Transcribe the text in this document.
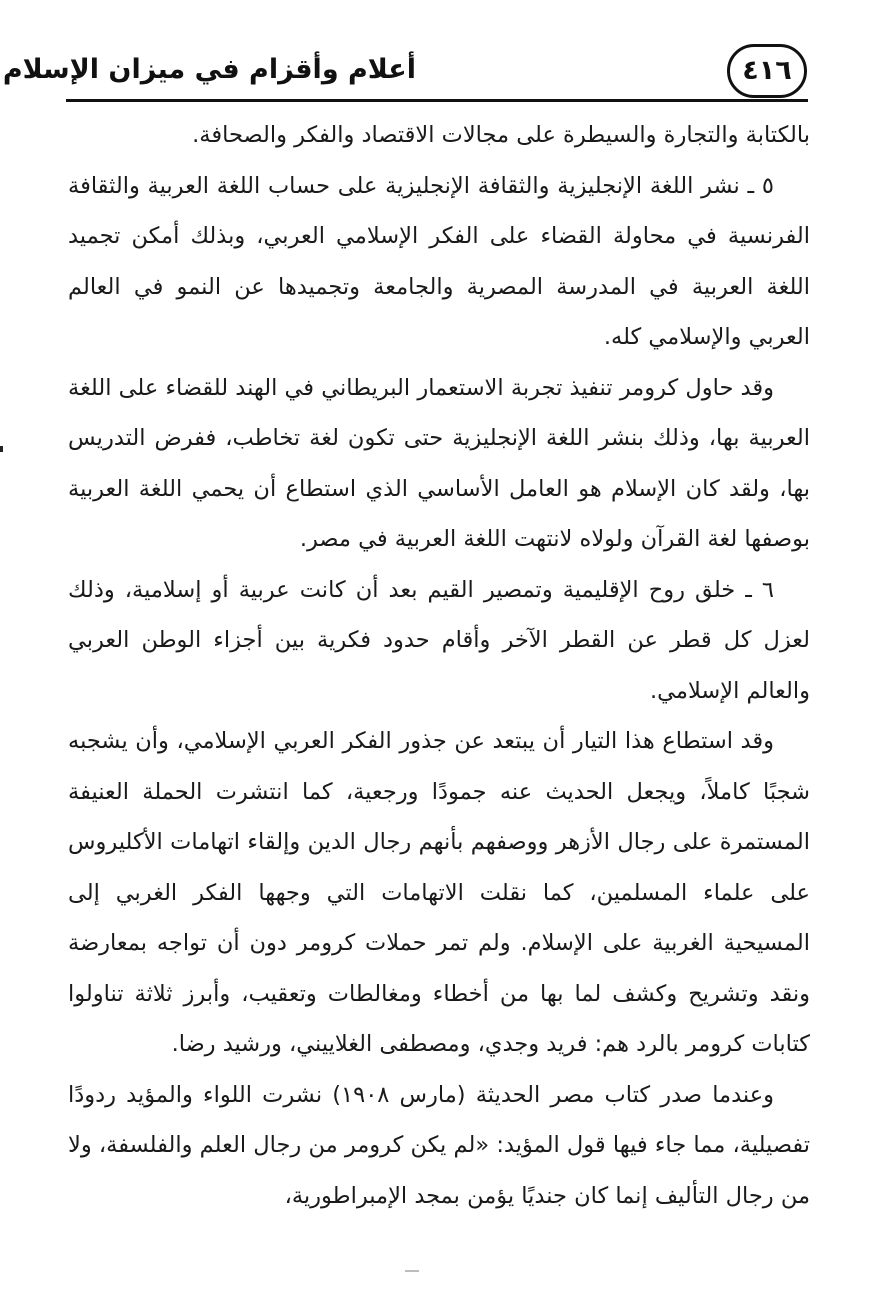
٤١٦
أعلام وأقزام في ميزان الإسلام

بالكتابة والتجارة والسيطرة على مجالات الاقتصاد والفكر والصحافة.

٥ ـ نشر اللغة الإنجليزية والثقافة الإنجليزية على حساب اللغة العربية والثقافة الفرنسية في محاولة القضاء على الفكر الإسلامي العربي، وبذلك أمكن تجميد اللغة العربية في المدرسة المصرية والجامعة وتجميدها عن النمو في العالم العربي والإسلامي كله.

وقد حاول كرومر تنفيذ تجربة الاستعمار البريطاني في الهند للقضاء على اللغة العربية بها، وذلك بنشر اللغة الإنجليزية حتى تكون لغة تخاطب، ففرض التدريس بها، ولقد كان الإسلام هو العامل الأساسي الذي استطاع أن يحمي اللغة العربية بوصفها لغة القرآن ولولاه لانتهت اللغة العربية في مصر.

٦ ـ خلق روح الإقليمية وتمصير القيم بعد أن كانت عربية أو إسلامية، وذلك لعزل كل قطر عن القطر الآخر وأقام حدود فكرية بين أجزاء الوطن العربي والعالم الإسلامي.

وقد استطاع هذا التيار أن يبتعد عن جذور الفكر العربي الإسلامي، وأن يشجبه شجبًا كاملاً، ويجعل الحديث عنه جمودًا ورجعية، كما انتشرت الحملة العنيفة المستمرة على رجال الأزهر ووصفهم بأنهم رجال الدين وإلقاء اتهامات الأكليروس على علماء المسلمين، كما نقلت الاتهامات التي وجهها الفكر الغربي إلى المسيحية الغربية على الإسلام. ولم تمر حملات كرومر دون أن تواجه بمعارضة ونقد وتشريح وكشف لما بها من أخطاء ومغالطات وتعقيب، وأبرز ثلاثة تناولوا كتابات كرومر بالرد هم: فريد وجدي، ومصطفى الغلاييني، ورشيد رضا.

وعندما صدر كتاب مصر الحديثة (مارس ١٩٠٨) نشرت اللواء والمؤيد ردودًا تفصيلية، مما جاء فيها قول المؤيد: «لم يكن كرومر من رجال العلم والفلسفة، ولا من رجال التأليف إنما كان جنديًا يؤمن بمجد الإمبراطورية،
